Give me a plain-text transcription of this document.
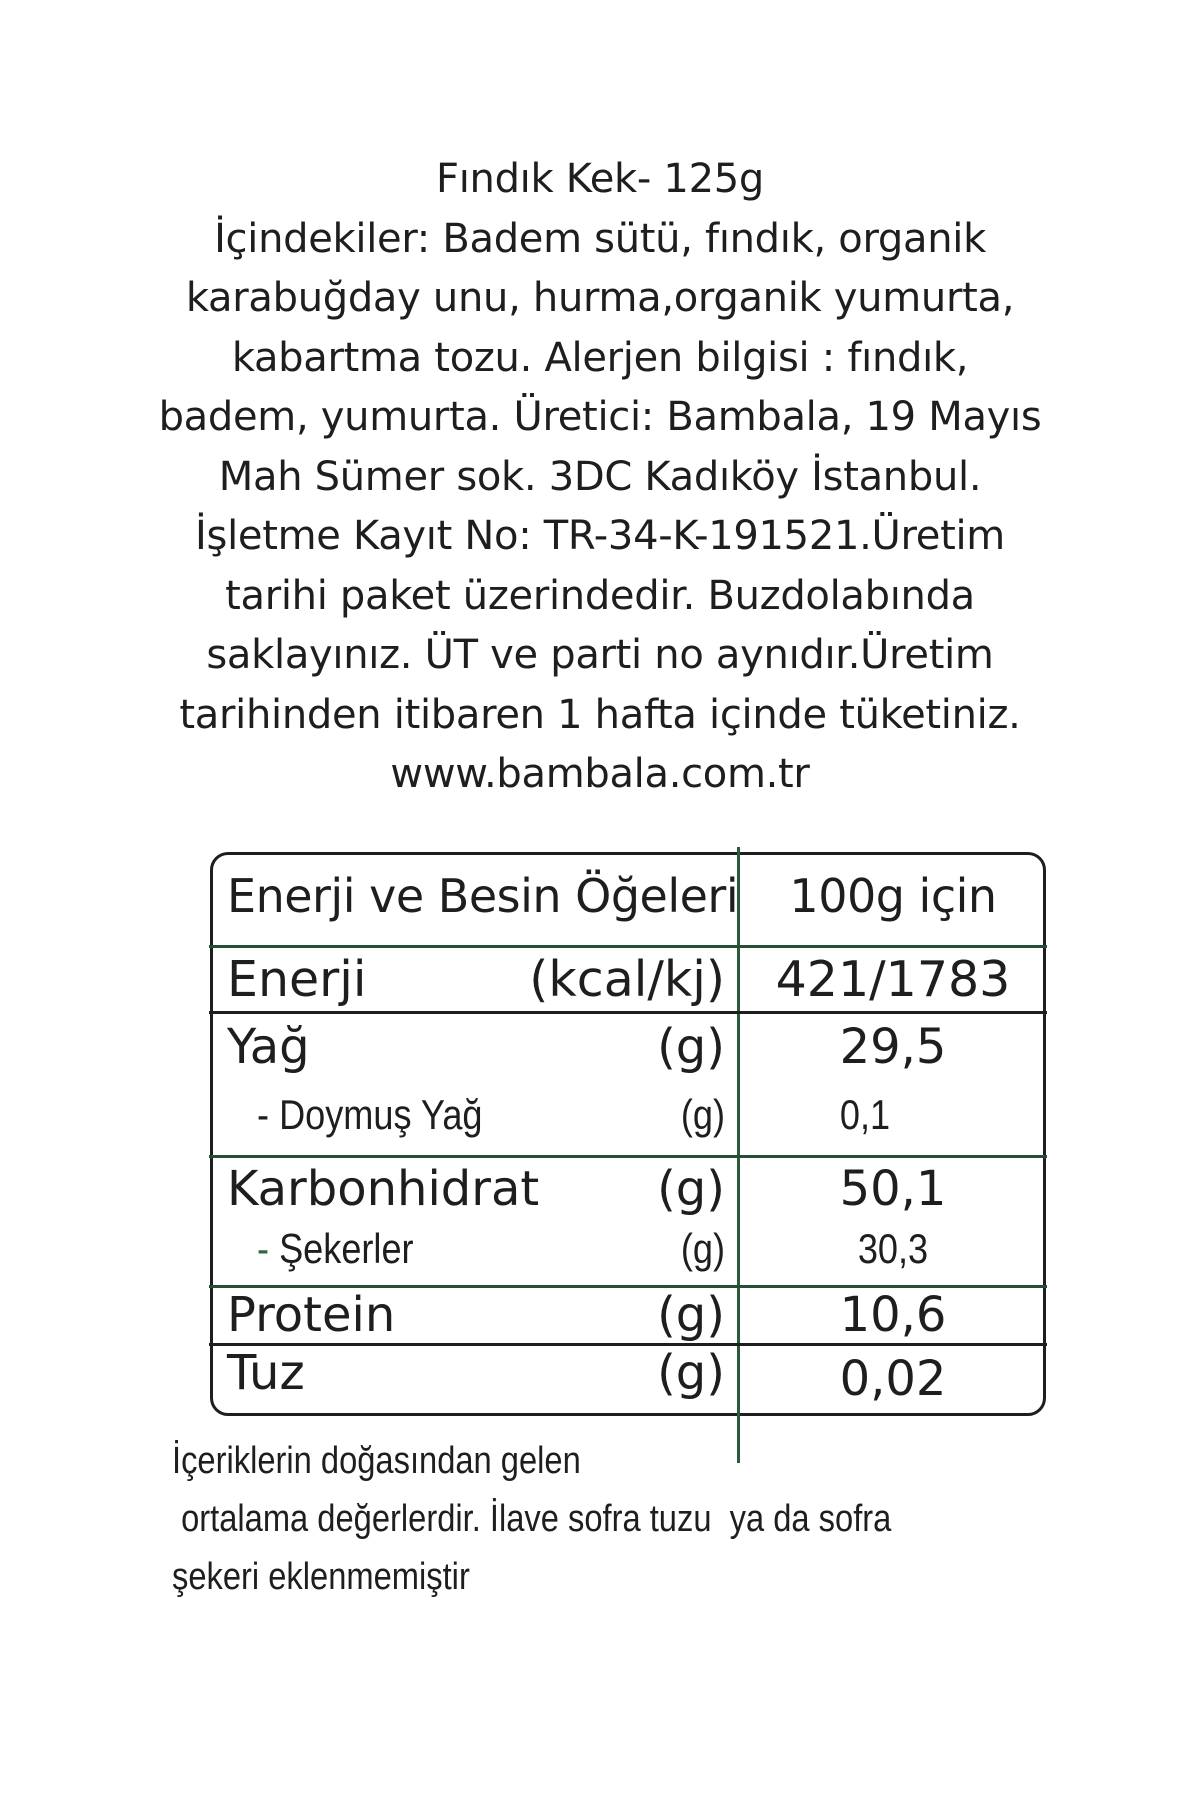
Fındık Kek- 125g
İçindekiler: Badem sütü, fındık, organik
karabuğday unu, hurma,organik yumurta,
kabartma tozu. Alerjen bilgisi : fındık,
badem, yumurta. Üretici: Bambala, 19 Mayıs
Mah Sümer sok. 3DC Kadıköy İstanbul.
İşletme Kayıt No: TR-34-K-191521.Üretim
tarihi paket üzerindedir. Buzdolabında
saklayınız. ÜT ve parti no aynıdır.Üretim
tarihinden itibaren 1 hafta içinde tüketiniz.
www.bambala.com.tr
Enerji ve Besin Öğeleri	100g için
Enerji	(kcal/kj)	421/1783
Yağ	(g)	29,5
- Doymuş Yağ	(g)	0,1
Karbonhidrat	(g)	50,1
- Şekerler	(g)	30,3
Protein	(g)	10,6
Tuz	(g)	0,02
İçeriklerin doğasından gelen
ortalama değerlerdir. İlave sofra tuzu  ya da sofra
şekeri eklenmemiştir
